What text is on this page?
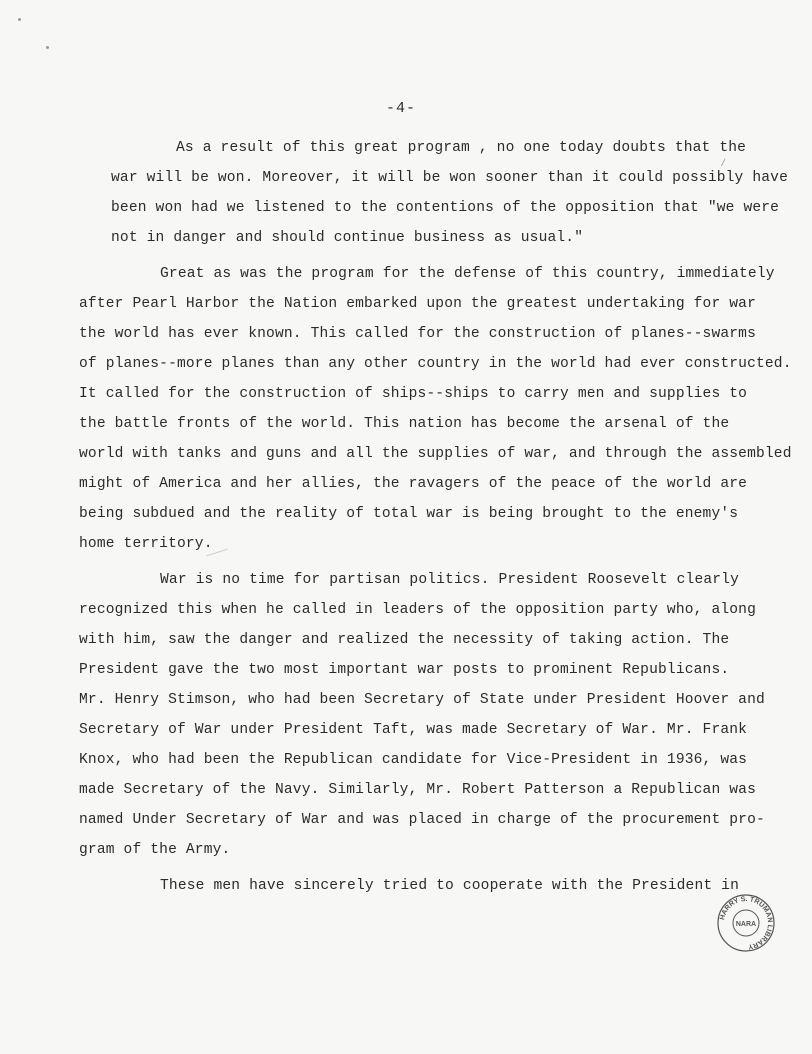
-4-
As a result of this great program , no one today doubts that the
war will be won. Moreover, it will be won sooner than it could possibly have
been won had we listened to the contentions of the opposition that "we were
not in danger and should continue business as usual."
Great as was the program for the defense of this country, immediately
after Pearl Harbor the Nation embarked upon the greatest undertaking for war
the world has ever known. This called for the construction of planes--swarms
of planes--more planes than any other country in the world had ever constructed.
It called for the construction of ships--ships to carry men and supplies to
the battle fronts of the world. This nation has become the arsenal of the
world with tanks and guns and all the supplies of war, and through the assembled
might of America and her allies, the ravagers of the peace of the world are
being subdued and the reality of total war is being brought to the enemy's
home territory.
War is no time for partisan politics. President Roosevelt clearly
recognized this when he called in leaders of the opposition party who, along
with him, saw the danger and realized the necessity of taking action. The
President gave the two most important war posts to prominent Republicans.
Mr. Henry Stimson, who had been Secretary of State under President Hoover and
Secretary of War under President Taft, was made Secretary of War. Mr. Frank
Knox, who had been the Republican candidate for Vice-President in 1936, was
made Secretary of the Navy. Similarly, Mr. Robert Patterson a Republican was
named Under Secretary of War and was placed in charge of the procurement pro-
gram of the Army.
These men have sincerely tried to cooperate with the President in
⁄
HARRY S. TRUMAN LIBRARY
NARA
